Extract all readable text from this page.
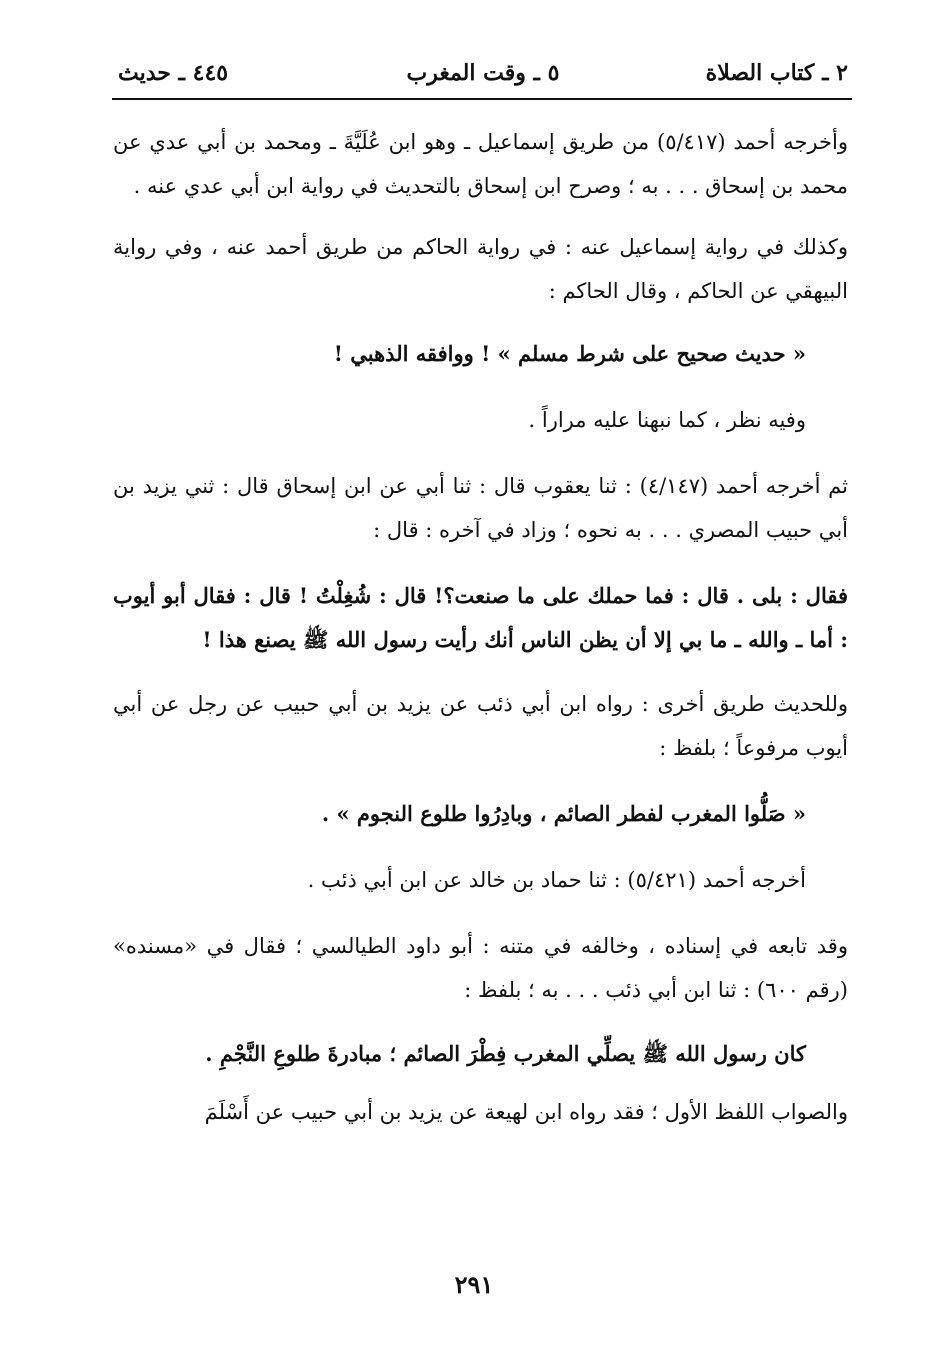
٢ ـ كتاب الصلاة
٥ ـ وقت المغرب
٤٤٥ ـ حديث

وأخرجه أحمد (٥/٤١٧) من طريق إسماعيل ـ وهو ابن عُلَيَّةَ ـ ومحمد بن أبي عدي عن محمد بن إسحاق . . . به ؛ وصرح ابن إسحاق بالتحديث في رواية ابن أبي عدي عنه .

وكذلك في رواية إسماعيل عنه : في رواية الحاكم من طريق أحمد عنه ، وفي رواية البيهقي عن الحاكم ، وقال الحاكم :

« حديث صحيح على شرط مسلم » ! ووافقه الذهبي !

وفيه نظر ، كما نبهنا عليه مراراً .

ثم أخرجه أحمد (٤/١٤٧) : ثنا يعقوب قال : ثنا أبي عن ابن إسحاق قال : ثني يزيد بن أبي حبيب المصري . . . به نحوه ؛ وزاد في آخره : قال :

فقال : بلى . قال : فما حملك على ما صنعت؟! قال : شُغِلْتُ ! قال : فقال أبو أيوب : أما ـ والله ـ ما بي إلا أن يظن الناس أنك رأيت رسول الله ﷺ يصنع هذا !

وللحديث طريق أخرى : رواه ابن أبي ذئب عن يزيد بن أبي حبيب عن رجل عن أبي أيوب مرفوعاً ؛ بلفظ :

« صَلُّوا المغرب لفطر الصائم ، وبادِرُوا طلوع النجوم » .

أخرجه أحمد (٥/٤٢١) : ثنا حماد بن خالد عن ابن أبي ذئب .

وقد تابعه في إسناده ، وخالفه في متنه : أبو داود الطيالسي ؛ فقال في «مسنده» (رقم ٦٠٠) : ثنا ابن أبي ذئب . . . به ؛ بلفظ :

كان رسول الله ﷺ يصلِّي المغرب فِطْرَ الصائم ؛ مبادرةَ طلوعِ النَّجْمِ .

والصواب اللفظ الأول ؛ فقد رواه ابن لهيعة عن يزيد بن أبي حبيب عن أَسْلَمَ

٢٩١
